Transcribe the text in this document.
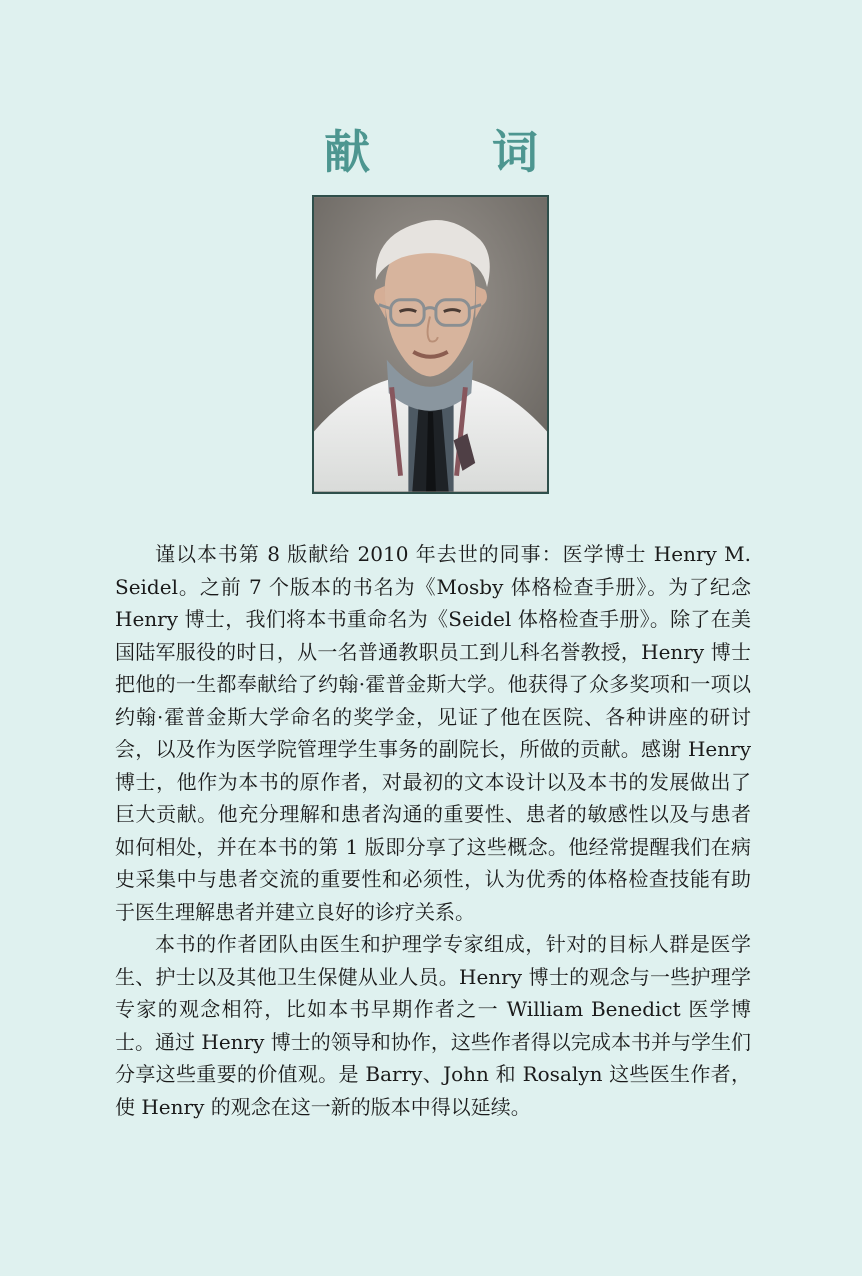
献　词

谨以本书第 8 版献给 2010 年去世的同事：医学博士 Henry M. Seidel。之前 7 个版本的书名为《Mosby 体格检查手册》。为了纪念 Henry 博士，我们将本书重命名为《Seidel 体格检查手册》。除了在美国陆军服役的时日，从一名普通教职员工到儿科名誉教授，Henry 博士把他的一生都奉献给了约翰·霍普金斯大学。他获得了众多奖项和一项以约翰·霍普金斯大学命名的奖学金，见证了他在医院、各种讲座的研讨会，以及作为医学院管理学生事务的副院长，所做的贡献。感谢 Henry 博士，他作为本书的原作者，对最初的文本设计以及本书的发展做出了巨大贡献。他充分理解和患者沟通的重要性、患者的敏感性以及与患者如何相处，并在本书的第 1 版即分享了这些概念。他经常提醒我们在病史采集中与患者交流的重要性和必须性，认为优秀的体格检查技能有助于医生理解患者并建立良好的诊疗关系。

本书的作者团队由医生和护理学专家组成，针对的目标人群是医学生、护士以及其他卫生保健从业人员。Henry 博士的观念与一些护理学专家的观念相符，比如本书早期作者之一 William Benedict 医学博士。通过 Henry 博士的领导和协作，这些作者得以完成本书并与学生们分享这些重要的价值观。是 Barry、John 和 Rosalyn 这些医生作者，使 Henry 的观念在这一新的版本中得以延续。
